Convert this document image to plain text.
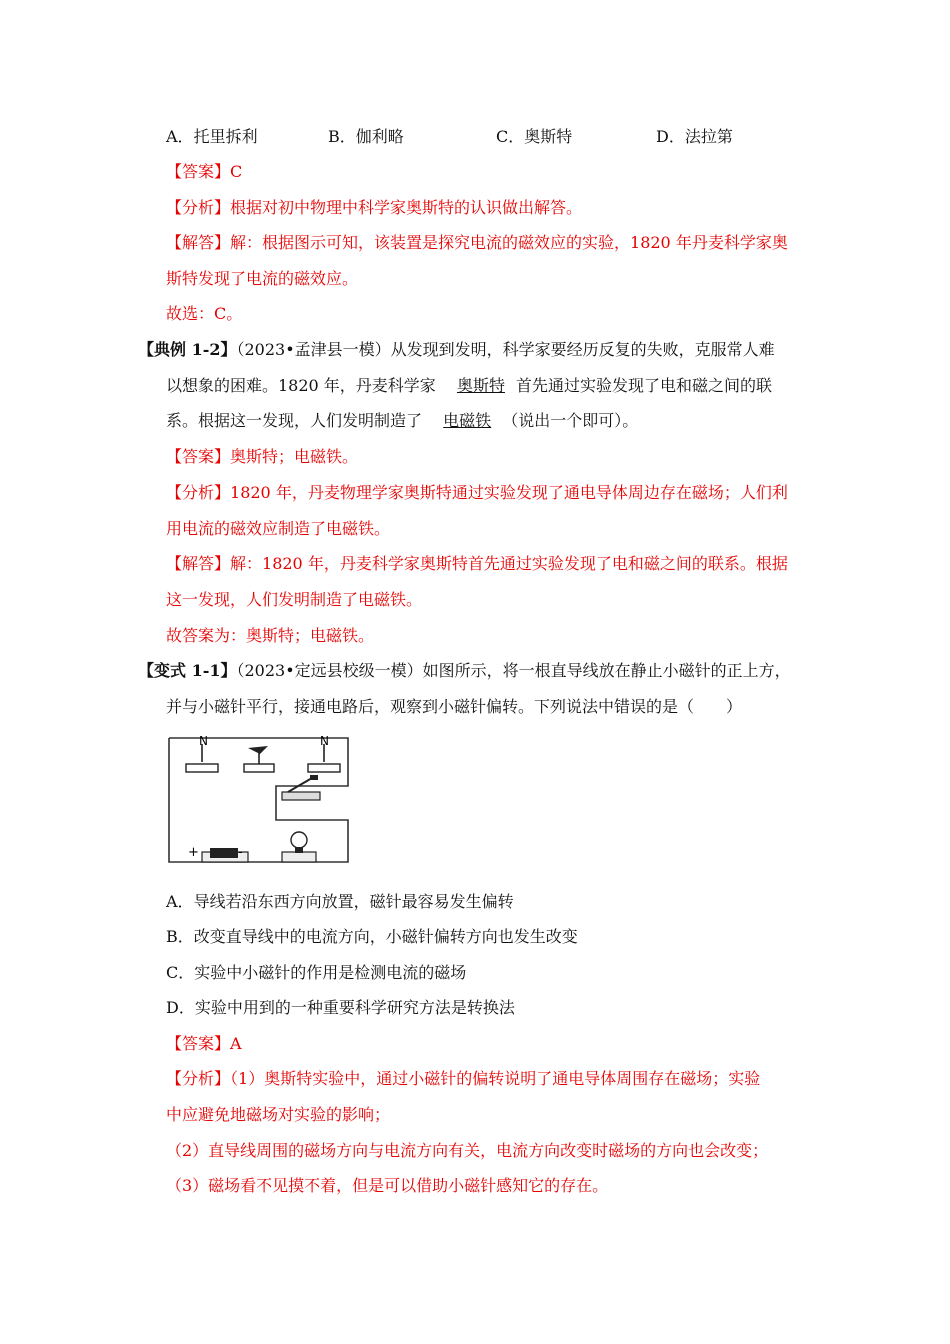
A．托里拆利	B．伽利略	C．奥斯特	D．法拉第
【答案】C
【分析】根据对初中物理中科学家奥斯特的认识做出解答。
【解答】解：根据图示可知，该装置是探究电流的磁效应的实验，1820 年丹麦科学家奥
斯特发现了电流的磁效应。
故选：C。
【典例 1-2】（2023•孟津县一模）从发现到发明，科学家要经历反复的失败，克服常人难
以想象的困难。1820 年，丹麦科学家 奥斯特 首先通过实验发现了电和磁之间的联
系。根据这一发现，人们发明制造了 电磁铁 （说出一个即可）。
【答案】奥斯特；电磁铁。
【分析】1820 年，丹麦物理学家奥斯特通过实验发现了通电导体周边存在磁场；人们利
用电流的磁效应制造了电磁铁。
【解答】解：1820 年，丹麦科学家奥斯特首先通过实验发现了电和磁之间的联系。根据
这一发现，人们发明制造了电磁铁。
故答案为：奥斯特；电磁铁。
【变式 1-1】（2023•定远县校级一模）如图所示，将一根直导线放在静止小磁针的正上方，
并与小磁针平行，接通电路后，观察到小磁针偏转。下列说法中错误的是（　　）
N	N
+	-
A．导线若沿东西方向放置，磁针最容易发生偏转
B．改变直导线中的电流方向，小磁针偏转方向也发生改变
C．实验中小磁针的作用是检测电流的磁场
D．实验中用到的一种重要科学研究方法是转换法
【答案】A
【分析】（1）奥斯特实验中，通过小磁针的偏转说明了通电导体周围存在磁场；实验
中应避免地磁场对实验的影响；
（2）直导线周围的磁场方向与电流方向有关，电流方向改变时磁场的方向也会改变；
（3）磁场看不见摸不着，但是可以借助小磁针感知它的存在。
